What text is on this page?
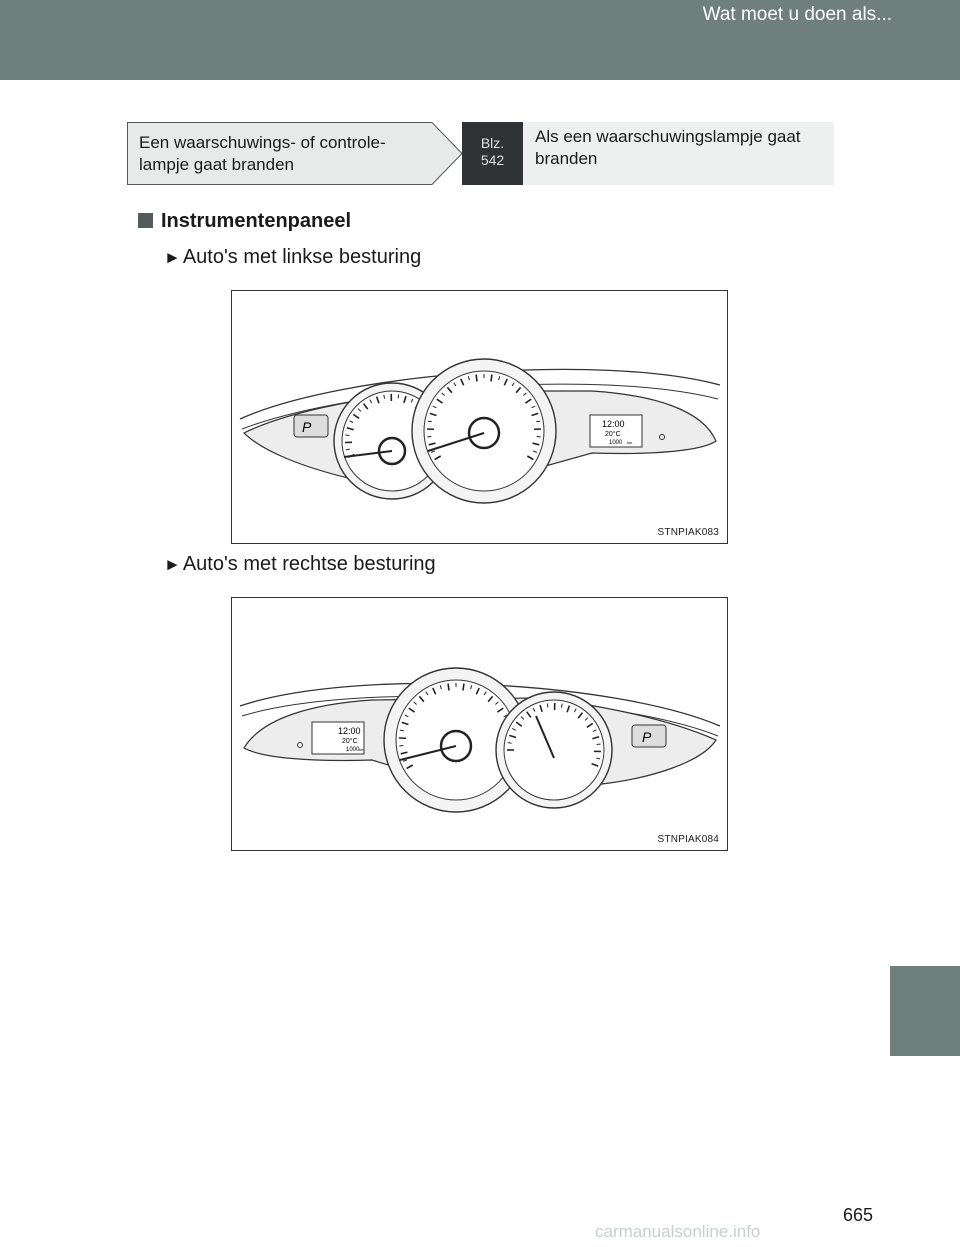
Wat moet u doen als...
Een waarschuwings- of controle-lampje gaat branden
Blz.
542
Als een waarschuwingslampje gaat branden
Instrumentenpaneel
► Auto's met linkse besturing
P	12:00
20°C
1000 km
STNPIAK083
► Auto's met rechtse besturing
12:00
20°C
1000 km
P
STNPIAK084
665
carmanualsonline.info
